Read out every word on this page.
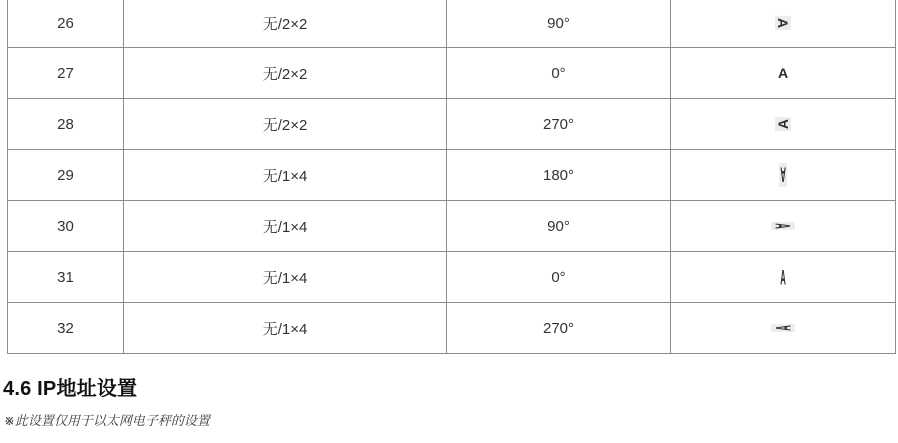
26	无/2×2	90°	A
27	无/2×2	0°	A
28	无/2×2	270°	A
29	无/1×4	180°	A
30	无/1×4	90°	A
31	无/1×4	0°	A
32	无/1×4	270°	A
4.6 IP地址设置

※此设置仅用于以太网电子秤的设置
